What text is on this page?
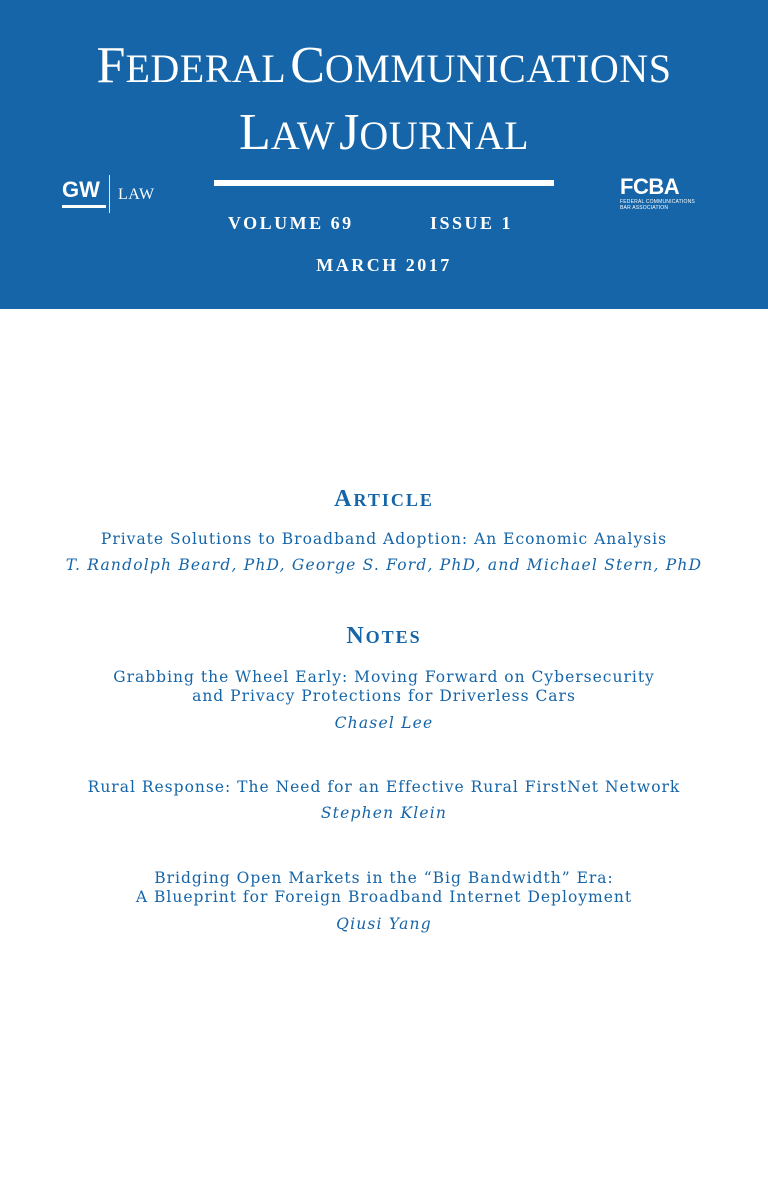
FEDERAL COMMUNICATIONS
LAW JOURNAL
GW	LAW	FCBA
FEDERAL COMMUNICATIONS
BAR ASSOCIATION
VOLUME 69	ISSUE 1
MARCH 2017
ARTICLE
Private Solutions to Broadband Adoption: An Economic Analysis
T. Randolph Beard, PhD, George S. Ford, PhD, and Michael Stern, PhD
NOTES
Grabbing the Wheel Early: Moving Forward on Cybersecurity
and Privacy Protections for Driverless Cars
Chasel Lee
Rural Response: The Need for an Effective Rural FirstNet Network
Stephen Klein
Bridging Open Markets in the “Big Bandwidth” Era:
A Blueprint for Foreign Broadband Internet Deployment
Qiusi Yang
